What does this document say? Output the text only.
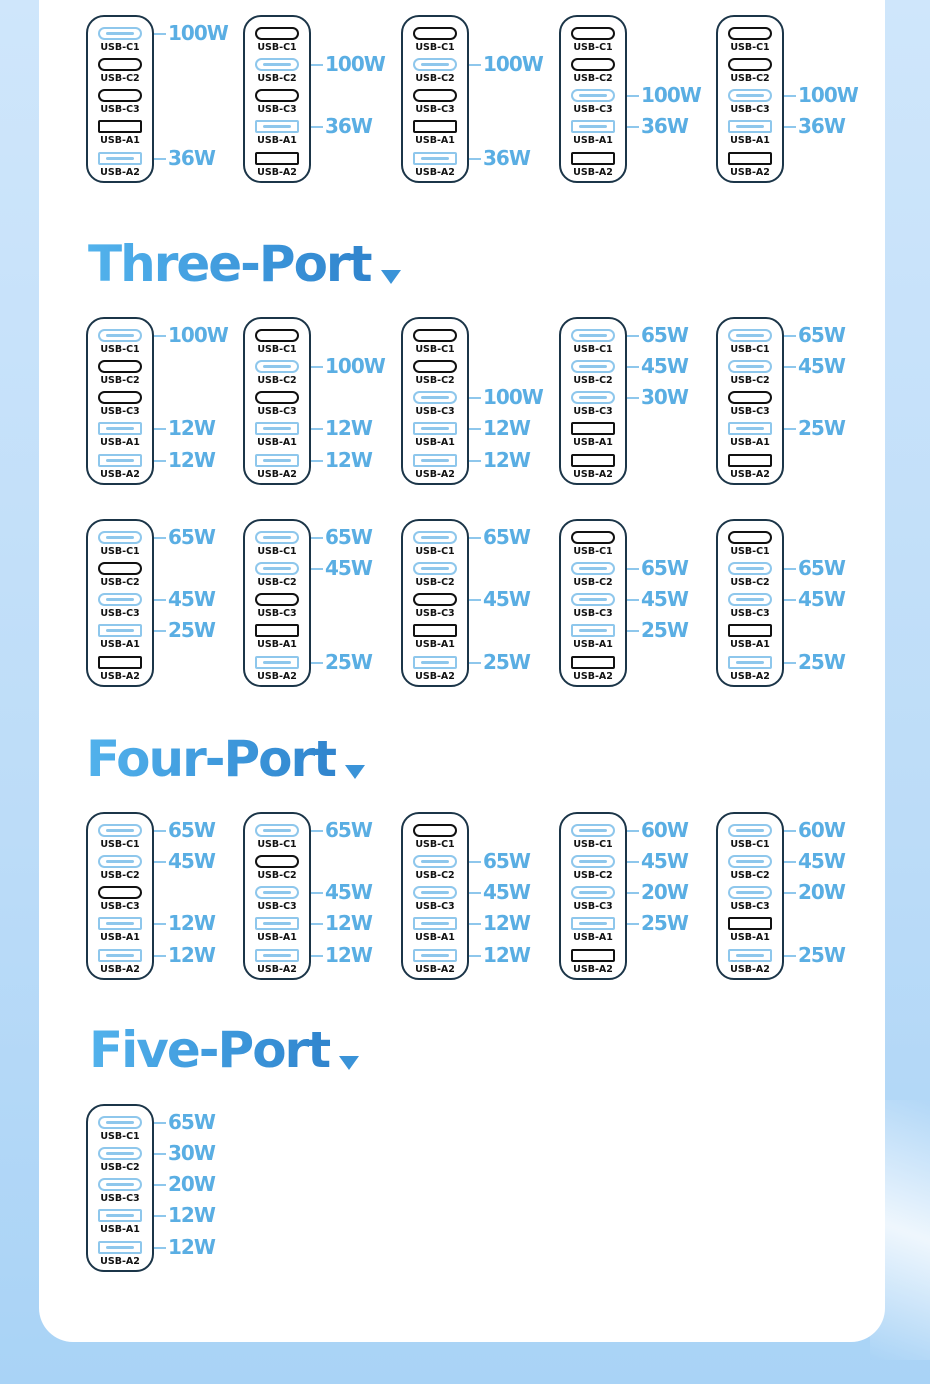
Three-Port
Four-Port
Five-Port
USB-C1
USB-C2
USB-C3
USB-A1
USB-A2
100W
36W
USB-C1
USB-C2
USB-C3
USB-A1
USB-A2
100W
36W
USB-C1
USB-C2
USB-C3
USB-A1
USB-A2
100W
36W
USB-C1
USB-C2
USB-C3
USB-A1
USB-A2
100W
36W
USB-C1
USB-C2
USB-C3
USB-A1
USB-A2
100W
36W
USB-C1
USB-C2
USB-C3
USB-A1
USB-A2
100W
12W
12W
USB-C1
USB-C2
USB-C3
USB-A1
USB-A2
100W
12W
12W
USB-C1
USB-C2
USB-C3
USB-A1
USB-A2
100W
12W
12W
USB-C1
USB-C2
USB-C3
USB-A1
USB-A2
65W
45W
30W
USB-C1
USB-C2
USB-C3
USB-A1
USB-A2
65W
45W
25W
USB-C1
USB-C2
USB-C3
USB-A1
USB-A2
65W
45W
25W
USB-C1
USB-C2
USB-C3
USB-A1
USB-A2
65W
45W
25W
USB-C1
USB-C2
USB-C3
USB-A1
USB-A2
65W
45W
25W
USB-C1
USB-C2
USB-C3
USB-A1
USB-A2
65W
45W
25W
USB-C1
USB-C2
USB-C3
USB-A1
USB-A2
65W
45W
25W
USB-C1
USB-C2
USB-C3
USB-A1
USB-A2
65W
45W
12W
12W
USB-C1
USB-C2
USB-C3
USB-A1
USB-A2
65W
45W
12W
12W
USB-C1
USB-C2
USB-C3
USB-A1
USB-A2
65W
45W
12W
12W
USB-C1
USB-C2
USB-C3
USB-A1
USB-A2
60W
45W
20W
25W
USB-C1
USB-C2
USB-C3
USB-A1
USB-A2
60W
45W
20W
25W
USB-C1
USB-C2
USB-C3
USB-A1
USB-A2
65W
30W
20W
12W
12W
